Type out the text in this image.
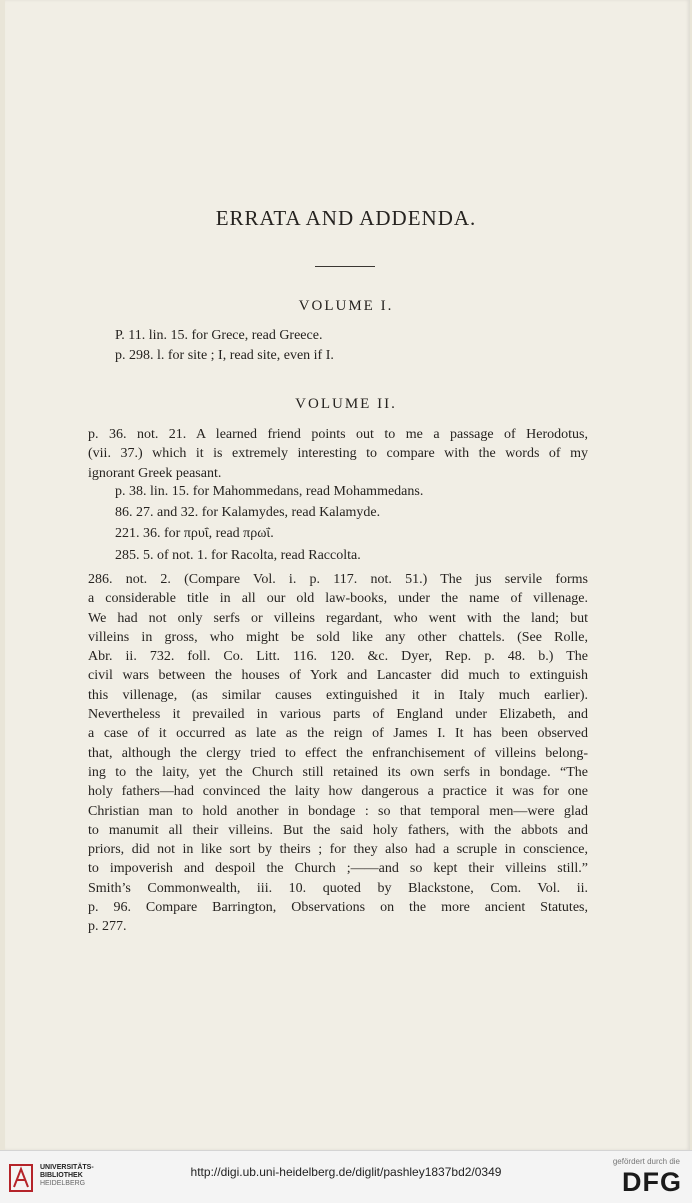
ERRATA AND ADDENDA.
VOLUME I.
P. 11. lin. 15. for Grece, read Greece.
p. 298. l. for site ; I, read site, even if I.
VOLUME II.

p. 36. not. 21. A learned friend points out to me a passage of Herodotus,
(vii. 37.) which it is extremely interesting to compare with the words of my
ignorant Greek peasant.

p. 38. lin. 15. for Mahommedans, read Mohammedans.
86. 27. and 32. for Kalamydes, read Kalamyde.
221. 36. for πρυΐ, read πρωΐ.
285. 5. of not. 1. for Racolta, read Raccolta.

286. not. 2. (Compare Vol. i. p. 117. not. 51.) The jus servile forms
a considerable title in all our old law-books, under the name of villenage.
We had not only serfs or villeins regardant, who went with the land; but
villeins in gross, who might be sold like any other chattels. (See Rolle,
Abr. ii. 732. foll. Co. Litt. 116. 120. &c. Dyer, Rep. p. 48. b.) The
civil wars between the houses of York and Lancaster did much to extinguish
this villenage, (as similar causes extinguished it in Italy much earlier).
Nevertheless it prevailed in various parts of England under Elizabeth, and
a case of it occurred as late as the reign of James I. It has been observed
that, although the clergy tried to effect the enfranchisement of villeins belong-
ing to the laity, yet the Church still retained its own serfs in bondage. “The
holy fathers—had convinced the laity how dangerous a practice it was for one
Christian man to hold another in bondage : so that temporal men—were glad
to manumit all their villeins. But the said holy fathers, with the abbots and
priors, did not in like sort by theirs ; for they also had a scruple in conscience,
to impoverish and despoil the Church ;——and so kept their villeins still.”
Smith’s Commonwealth, iii. 10. quoted by Blackstone, Com. Vol. ii.
p. 96. Compare Barrington, Observations on the more ancient Statutes,
p. 277.

UNIVERSITÄTS-
BIBLIOTHEK
HEIDELBERG
http://digi.ub.uni-heidelberg.de/diglit/pashley1837bd2/0349
gefördert durch die
DFG
